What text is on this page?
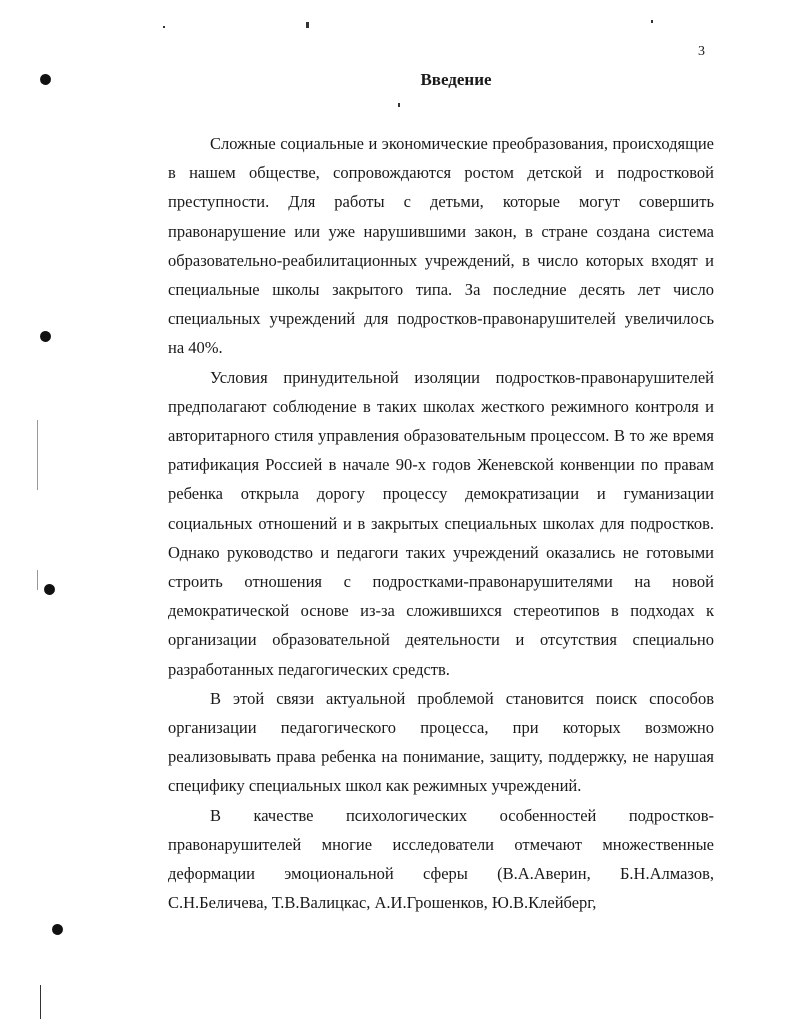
3
Введение

Сложные социальные и экономические преобразования, происходящие в нашем обществе, сопровождаются ростом детской и подростковой преступности. Для работы с детьми, которые могут совершить правонарушение или уже нарушившими закон, в стране создана система образовательно-реабилитационных учреждений, в число которых входят и специальные школы закрытого типа. За последние десять лет число специальных учреждений для подростков-правонарушителей увеличилось на 40%.

Условия принудительной изоляции подростков-правонарушителей предполагают соблюдение в таких школах жесткого режимного контроля и авторитарного стиля управления образовательным процессом. В то же время ратификация Россией в начале 90-х годов Женевской конвенции по правам ребенка открыла дорогу процессу демократизации и гуманизации социальных отношений и в закрытых специальных школах для подростков. Однако руководство и педагоги таких учреждений оказались не готовыми строить отношения с подростками-правонарушителями на новой демократической основе из-за сложившихся стереотипов в подходах к организации образовательной деятельности и отсутствия специально разработанных педагогических средств.

В этой связи актуальной проблемой становится поиск способов организации педагогического процесса, при которых возможно реализовывать права ребенка на понимание, защиту, поддержку, не нарушая специфику специальных школ как режимных учреждений.

В качестве психологических особенностей подростков-правонарушителей многие исследователи отмечают множественные деформации эмоциональной сферы (В.А.Аверин, Б.Н.Алмазов, С.Н.Беличева, Т.В.Валицкас, А.И.Грошенков, Ю.В.Клейберг,
